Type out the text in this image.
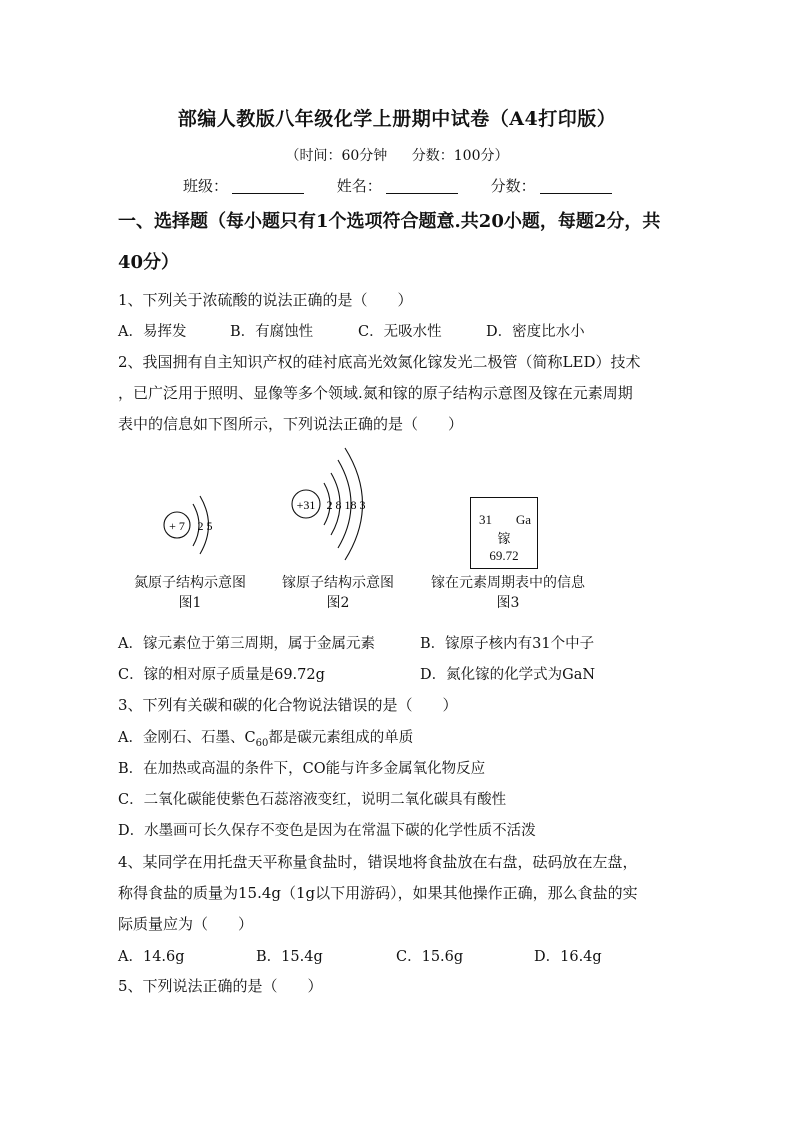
部编人教版八年级化学上册期中试卷（A4打印版）
（时间：60分钟 分数：100分）
班级：	姓名：	分数：
一、选择题（每小题只有1个选项符合题意.共20小题，每题2分，共
40分）
1、下列关于浓硫酸的说法正确的是（　　）
A．易挥发	B．有腐蚀性	C．无吸水性	D．密度比水小
2、我国拥有自主知识产权的硅衬底高光效氮化镓发光二极管（简称LED）技术
，已广泛用于照明、显像等多个领域.氮和镓的原子结构示意图及镓在元素周期
表中的信息如下图所示，下列说法正确的是（　　）
+ 7 2 5
氮原子结构示意图
图1
+31 2 8 18 3
镓原子结构示意图
图2
31 Ga
镓
69.72
镓在元素周期表中的信息
图3
A．镓元素位于第三周期，属于金属元素	B．镓原子核内有31个中子
C．镓的相对原子质量是69.72g	D．氮化镓的化学式为GaN
3、下列有关碳和碳的化合物说法错误的是（　　）
A．金刚石、石墨、$C_{60}$都是碳元素组成的单质
B．在加热或高温的条件下，CO能与许多金属氧化物反应
C．二氧化碳能使紫色石蕊溶液变红，说明二氧化碳具有酸性
D．水墨画可长久保存不变色是因为在常温下碳的化学性质不活泼
4、某同学在用托盘天平称量食盐时，错误地将食盐放在右盘，砝码放在左盘，
称得食盐的质量为15.4g（1g以下用游码），如果其他操作正确，那么食盐的实
际质量应为（　　）
A．14.6g	B．15.4g	C．15.6g	D．16.4g
5、下列说法正确的是（　　）
